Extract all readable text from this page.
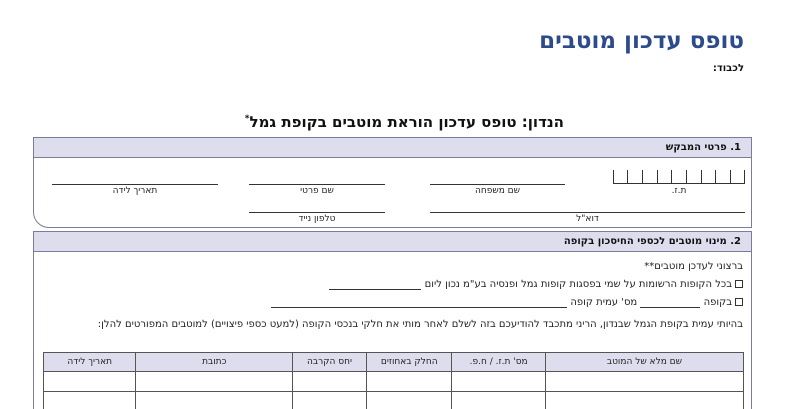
טופס עדכון מוטבים
לכבוד:
הנדון: טופס עדכון הוראת מוטבים בקופת גמל*
1. פרטי המבקש
ת.ז.
שם משפחה
שם פרטי
תאריך לידה
דוא"ל
טלפון נייד
2. מינוי מוטבים לכספי החיסכון בקופה
ברצוני לעדכן מוטבים**
בכל הקופות הרשומות על שמי בפסגות קופות גמל ופנסיה בע"מ נכון ליום
בקופה  מס' עמית קופה
בהיותי עמית בקופת הגמל שבנדון, הריני מתכבד להודיעכם בזה לשלם לאחר מותי את חלקי בנכסי הקופה (למעט כספי פיצויים) למוטבים המפורטים להלן:
שם מלא של המוטב	מס' ת.ז. / ח.פ.	החלק באחוזים	יחס הקרבה	כתובת	תאריך לידה
